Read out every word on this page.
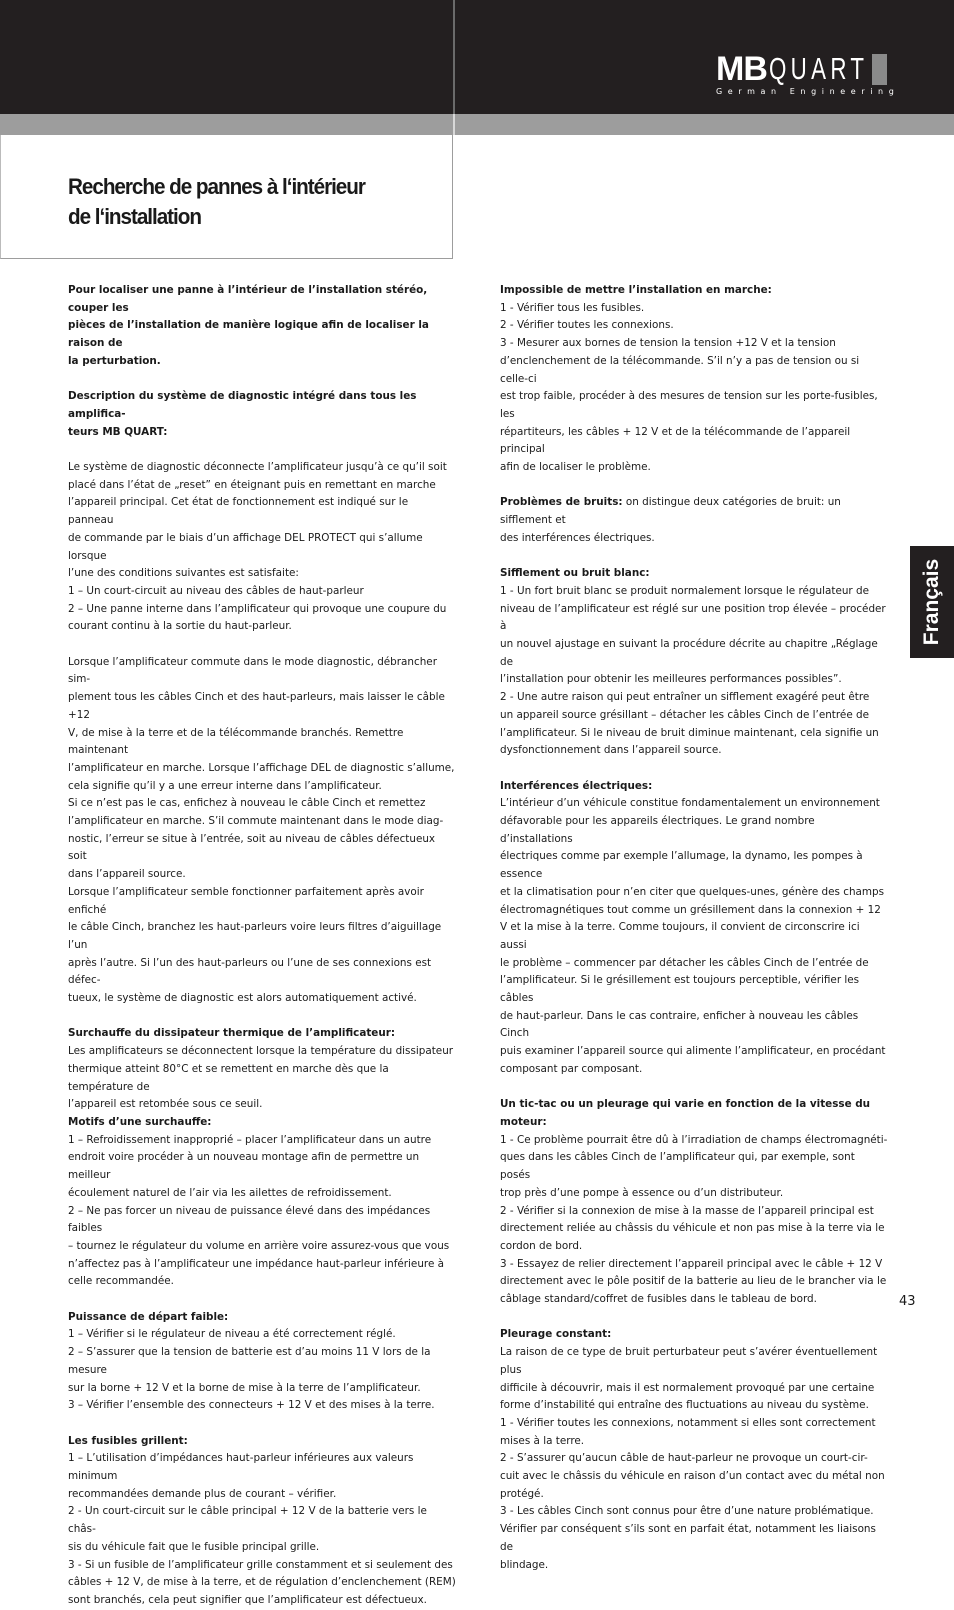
MBQUART
German Engineering
Recherche de pannes à l‘intérieur
de l‘installation

Pour localiser une panne à l’intérieur de l’installation stéréo, couper les
pièces de l’installation de manière logique afin de localiser la raison de
la perturbation.

Description du système de diagnostic intégré dans tous les amplifica-
teurs MB QUART:

Le système de diagnostic déconnecte l’amplificateur jusqu’à ce qu’il soit
placé dans l’état de „reset” en éteignant puis en remettant en marche
l’appareil principal. Cet état de fonctionnement est indiqué sur le panneau
de commande par le biais d’un affichage DEL PROTECT qui s’allume lorsque
l’une des conditions suivantes est satisfaite:
1 – Un court-circuit au niveau des câbles de haut-parleur
2 – Une panne interne dans l’amplificateur qui provoque une coupure du
courant continu à la sortie du haut-parleur.

Lorsque l’amplificateur commute dans le mode diagnostic, débrancher sim-
plement tous les câbles Cinch et des haut-parleurs, mais laisser le câble +12
V, de mise à la terre et de la télécommande branchés. Remettre maintenant
l’amplificateur en marche. Lorsque l’affichage DEL de diagnostic s’allume,
cela signifie qu’il y a une erreur interne dans l’amplificateur.
Si ce n’est pas le cas, enfichez à nouveau le câble Cinch et remettez
l’amplificateur en marche. S’il commute maintenant dans le mode diag-
nostic, l’erreur se situe à l’entrée, soit au niveau de câbles défectueux soit
dans l’appareil source.
Lorsque l’amplificateur semble fonctionner parfaitement après avoir enfiché
le câble Cinch, branchez les haut-parleurs voire leurs filtres d’aiguillage l’un
après l’autre. Si l’un des haut-parleurs ou l’une de ses connexions est défec-
tueux, le système de diagnostic est alors automatiquement activé.

Surchauffe du dissipateur thermique de l’amplificateur:

Les amplificateurs se déconnectent lorsque la température du dissipateur
thermique atteint 80°C et se remettent en marche dès que la température de
l’appareil est retombée sous ce seuil.

Motifs d’une surchauffe:

1 – Refroidissement inapproprié – placer l’amplificateur dans un autre
endroit voire procéder à un nouveau montage afin de permettre un meilleur
écoulement naturel de l’air via les ailettes de refroidissement.
2 – Ne pas forcer un niveau de puissance élevé dans des impédances faibles
– tournez le régulateur du volume en arrière voire assurez-vous que vous
n’affectez pas à l’amplificateur une impédance haut-parleur inférieure à
celle recommandée.

Puissance de départ faible:

1 – Vérifier si le régulateur de niveau a été correctement réglé.
2 – S’assurer que la tension de batterie est d’au moins 11 V lors de la mesure
sur la borne + 12 V et la borne de mise à la terre de l’amplificateur.
3 – Vérifier l’ensemble des connecteurs + 12 V et des mises à la terre.

Les fusibles grillent:

1 – L’utilisation d’impédances haut-parleur inférieures aux valeurs minimum
recommandées demande plus de courant – vérifier.
2 - Un court-circuit sur le câble principal + 12 V de la batterie vers le châs-
sis du véhicule fait que le fusible principal grille.
3 - Si un fusible de l’amplificateur grille constamment et si seulement des
câbles + 12 V, de mise à la terre, et de régulation d’enclenchement (REM)
sont branchés, cela peut signifier que l’amplificateur est défectueux.

Impossible de mettre l’installation en marche:

1 - Vérifier tous les fusibles.
2 - Vérifier toutes les connexions.
3 - Mesurer aux bornes de tension la tension +12 V et la tension
d’enclenchement de la télécommande. S’il n’y a pas de tension ou si celle-ci
est trop faible, procéder à des mesures de tension sur les porte-fusibles, les
répartiteurs, les câbles + 12 V et de la télécommande de l’appareil principal
afin de localiser le problème.

Problèmes de bruits: on distingue deux catégories de bruit: un sifflement et
des interférences électriques.

Sifflement ou bruit blanc:

1 - Un fort bruit blanc se produit normalement lorsque le régulateur de
niveau de l’amplificateur est réglé sur une position trop élevée – procéder à
un nouvel ajustage en suivant la procédure décrite au chapitre „Réglage de
l’installation pour obtenir les meilleures performances possibles”.
2 - Une autre raison qui peut entraîner un sifflement exagéré peut être
un appareil source grésillant – détacher les câbles Cinch de l’entrée de
l’amplificateur. Si le niveau de bruit diminue maintenant, cela signifie un
dysfonctionnement dans l’appareil source.

Interférences électriques:

L’intérieur d’un véhicule constitue fondamentalement un environnement
défavorable pour les appareils électriques. Le grand nombre d’installations
électriques comme par exemple l’allumage, la dynamo, les pompes à essence
et la climatisation pour n’en citer que quelques-unes, génère des champs
électromagnétiques tout comme un grésillement dans la connexion + 12
V et la mise à la terre. Comme toujours, il convient de circonscrire ici aussi
le problème – commencer par détacher les câbles Cinch de l’entrée de
l’amplificateur. Si le grésillement est toujours perceptible, vérifier les câbles
de haut-parleur. Dans le cas contraire, enficher à nouveau les câbles Cinch
puis examiner l’appareil source qui alimente l’amplificateur, en procédant
composant par composant.

Un tic-tac ou un pleurage qui varie en fonction de la vitesse du moteur:

1 - Ce problème pourrait être dû à l’irradiation de champs électromagnéti-
ques dans les câbles Cinch de l’amplificateur qui, par exemple, sont posés
trop près d’une pompe à essence ou d’un distributeur.
2 - Vérifier si la connexion de mise à la masse de l’appareil principal est
directement reliée au châssis du véhicule et non pas mise à la terre via le
cordon de bord.
3 - Essayez de relier directement l’appareil principal avec le câble + 12 V
directement avec le pôle positif de la batterie au lieu de le brancher via le
câblage standard/coffret de fusibles dans le tableau de bord.

Pleurage constant:

La raison de ce type de bruit perturbateur peut s’avérer éventuellement plus
difficile à découvrir, mais il est normalement provoqué par une certaine
forme d’instabilité qui entraîne des fluctuations au niveau du système.
1 - Vérifier toutes les connexions, notamment si elles sont correctement
mises à la terre.
2 - S’assurer qu’aucun câble de haut-parleur ne provoque un court-cir-
cuit avec le châssis du véhicule en raison d’un contact avec du métal non
protégé.
3 - Les câbles Cinch sont connus pour être d’une nature problématique.
Vérifier par conséquent s’ils sont en parfait état, notamment les liaisons de
blindage.

Français
43
